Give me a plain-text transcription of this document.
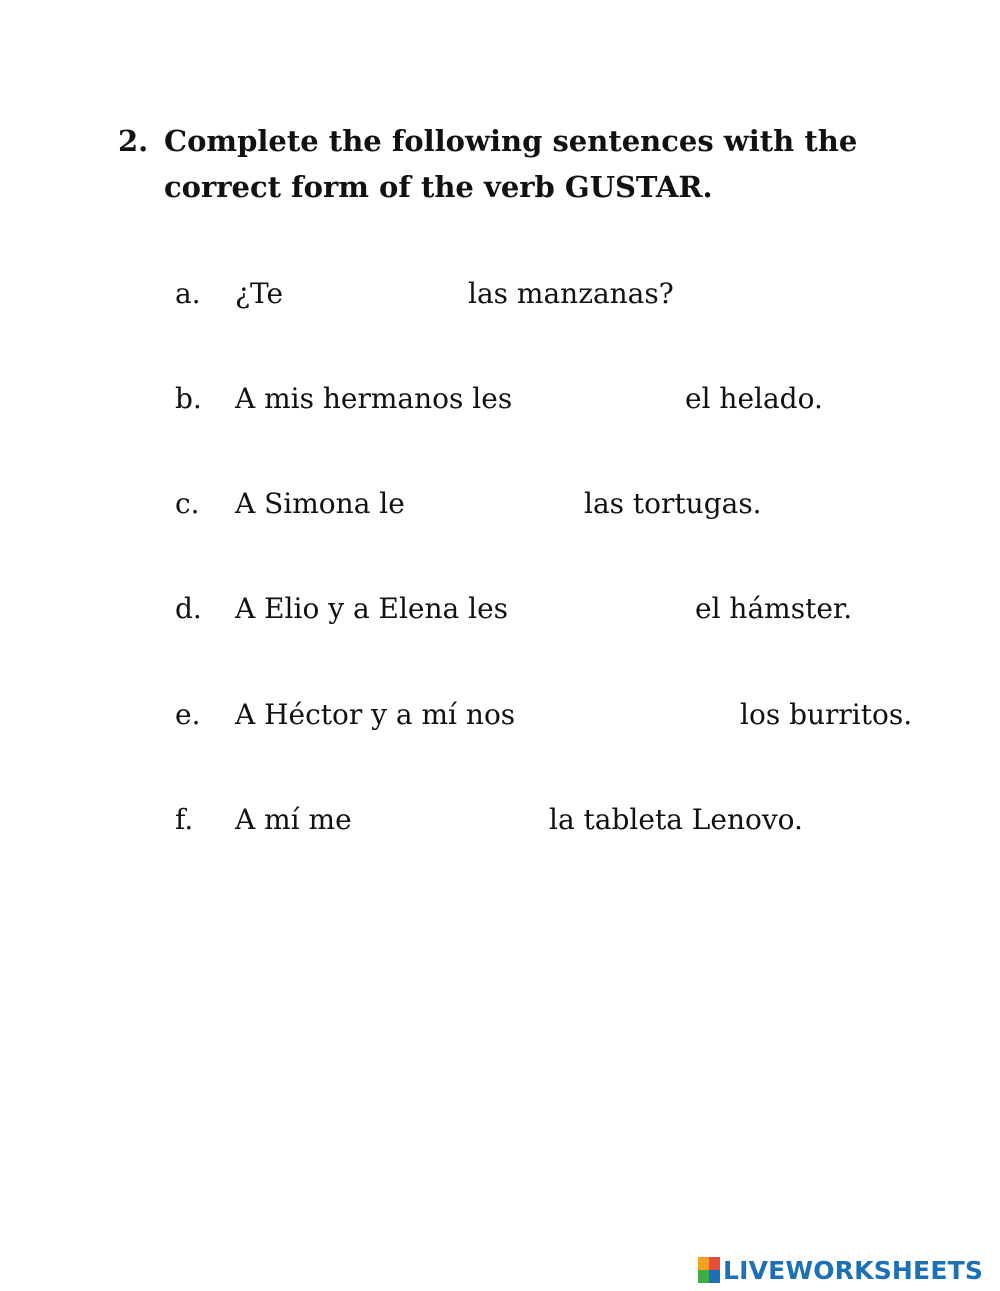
2. Complete the following sentences with the correct form of the verb GUSTAR.
a. ¿Te	las manzanas?
b. A mis hermanos les	el helado.
c. A Simona le	las tortugas.
d. A Elio y a Elena les	el hámster.
e. A Héctor y a mí nos	los burritos.
f. A mí me	la tableta Lenovo.
LIVEWORKSHEETS
